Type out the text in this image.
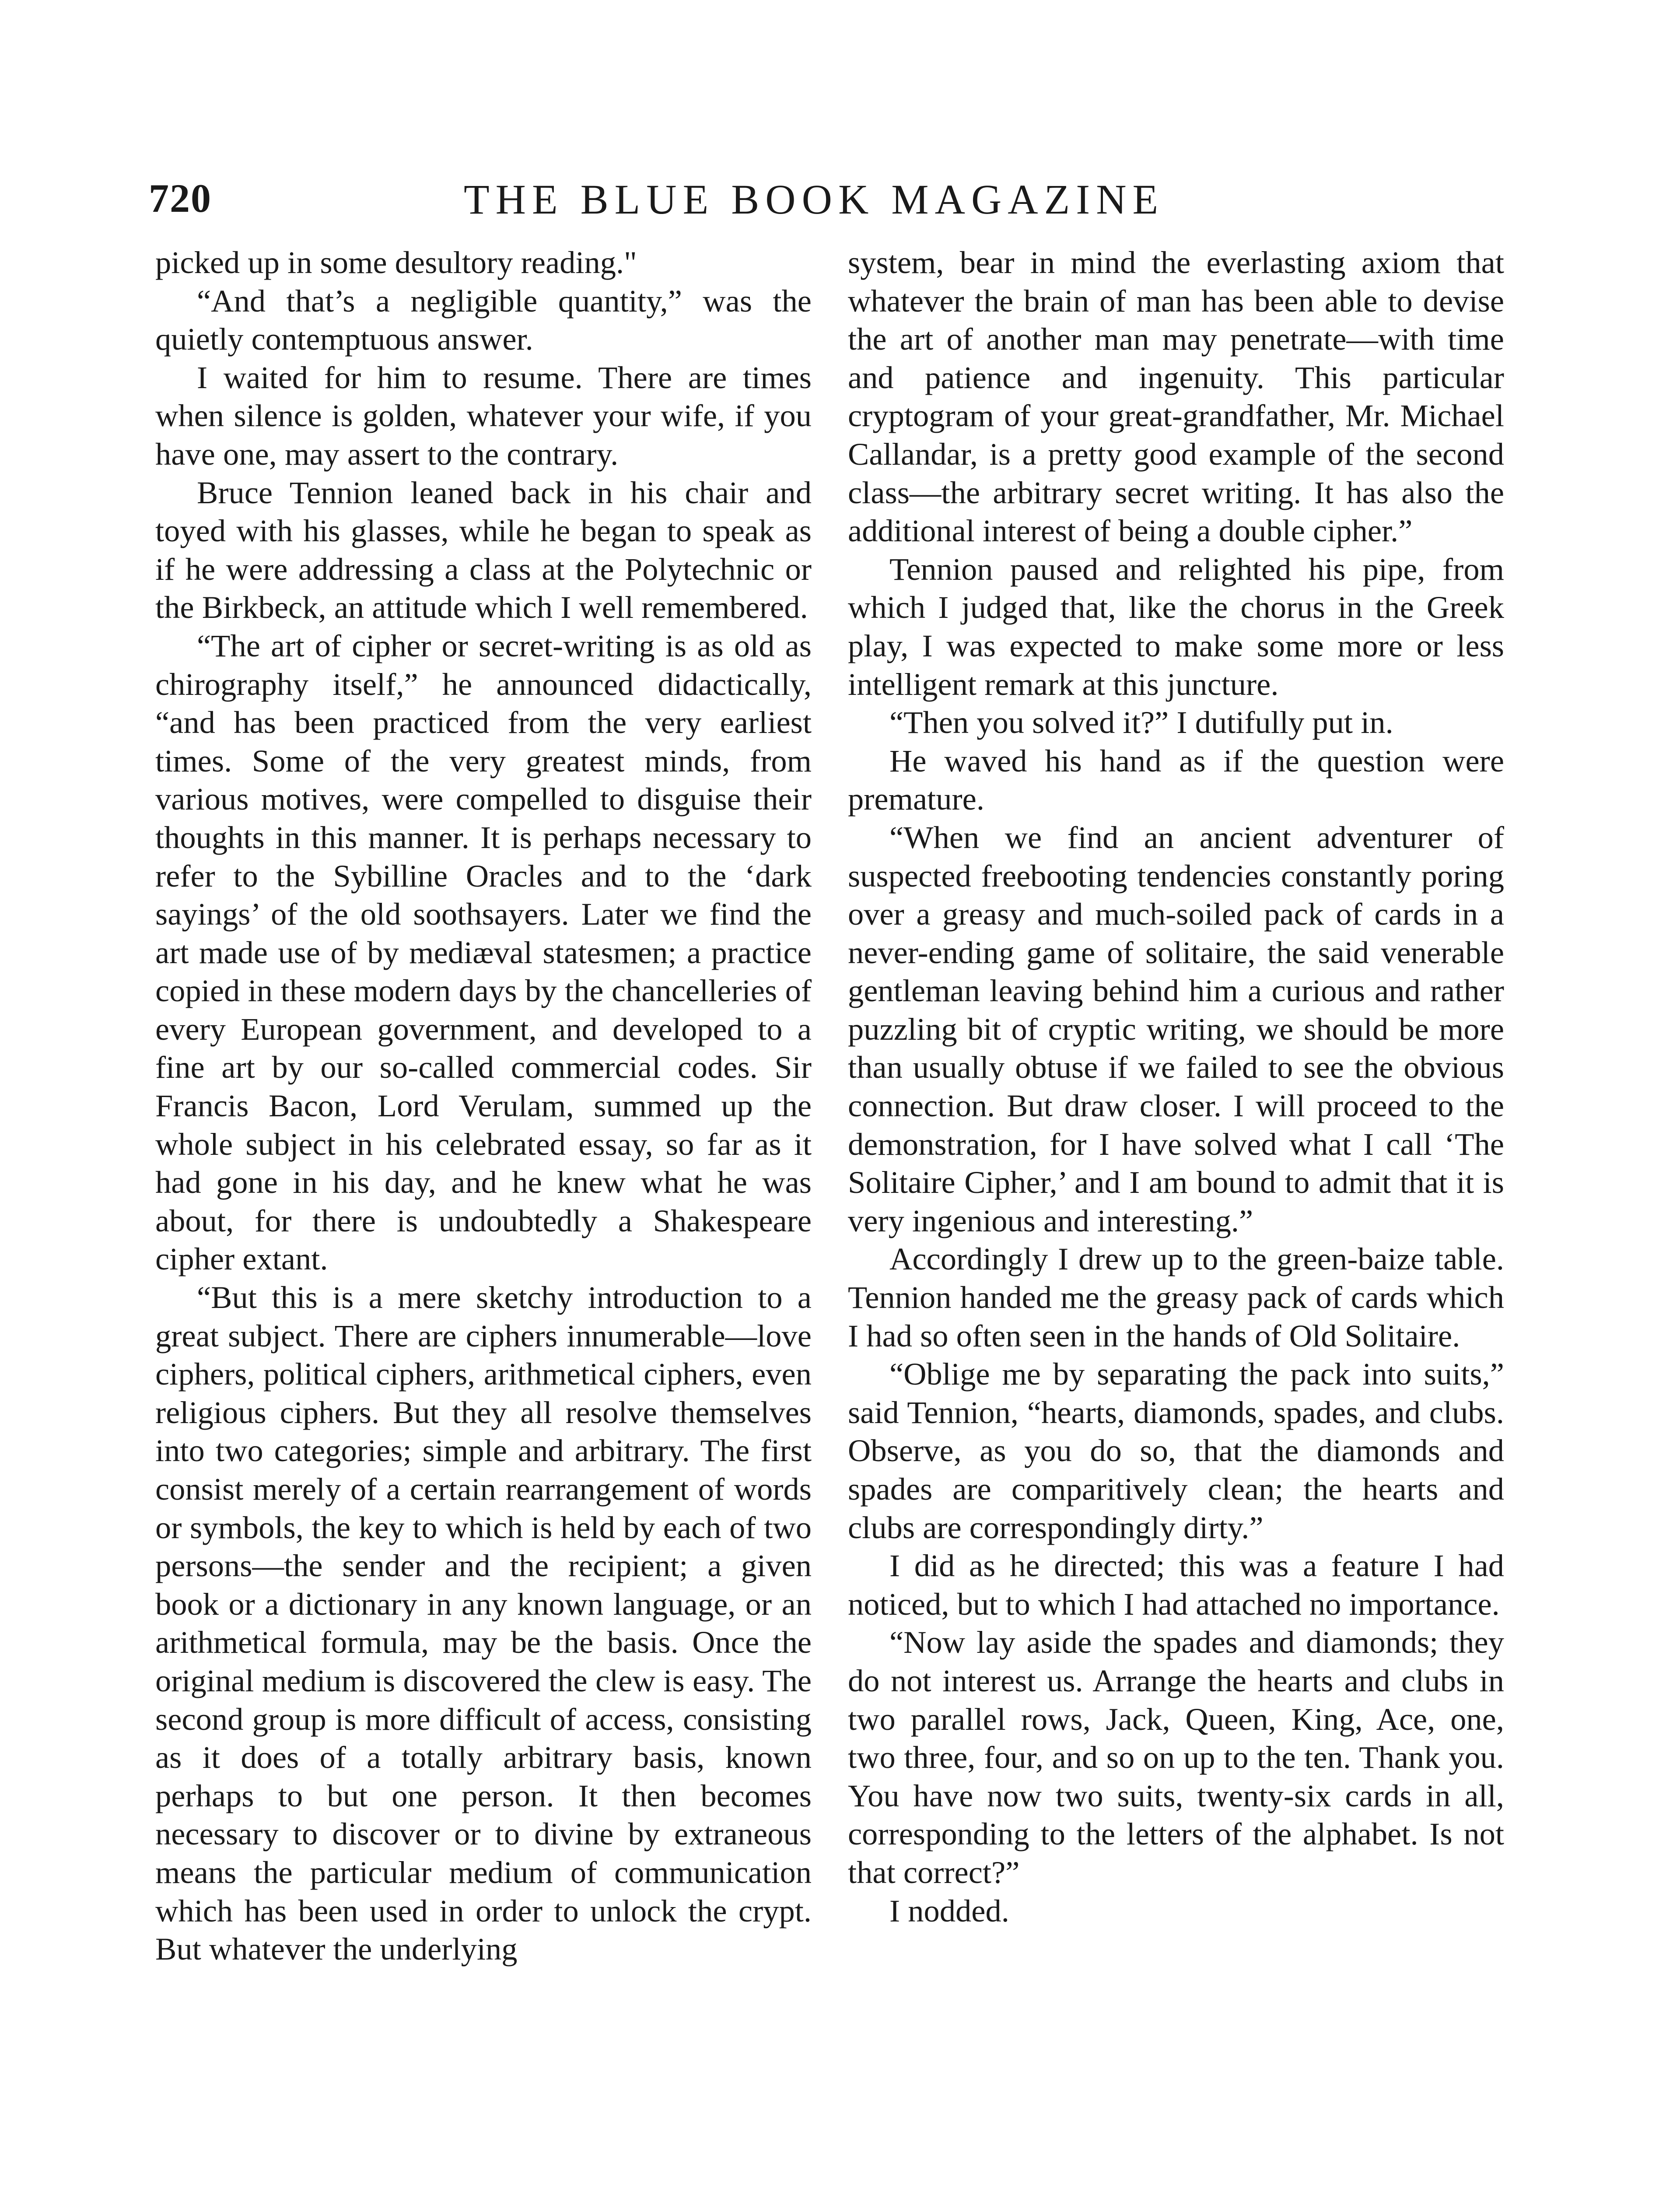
720	THE BLUE BOOK MAGAZINE

picked up in some desultory reading."

“And that’s a negligible quantity,” was the quietly contemptuous answer.

I waited for him to resume. There are times when silence is golden, whatever your wife, if you have one, may assert to the contrary.

Bruce Tennion leaned back in his chair and toyed with his glasses, while he began to speak as if he were addressing a class at the Polytechnic or the Birkbeck, an attitude which I well remembered.

“The art of cipher or secret-writing is as old as chirography itself,” he announced didactically, “and has been practiced from the very earliest times. Some of the very greatest minds, from various motives, were compelled to disguise their thoughts in this manner. It is perhaps necessary to refer to the Sybilline Oracles and to the ‘dark sayings’ of the old soothsayers. Later we find the art made use of by mediæval statesmen; a practice copied in these modern days by the chancelleries of every European government, and developed to a fine art by our so-called commercial codes. Sir Francis Bacon, Lord Verulam, summed up the whole subject in his celebrated essay, so far as it had gone in his day, and he knew what he was about, for there is undoubtedly a Shakespeare cipher extant.

“But this is a mere sketchy introduction to a great subject. There are ciphers innumerable—love ciphers, political ciphers, arithmetical ciphers, even religious ciphers. But they all resolve themselves into two categories; simple and arbitrary. The first consist merely of a certain rearrangement of words or symbols, the key to which is held by each of two persons—the sender and the recipient; a given book or a dictionary in any known language, or an arithmetical formula, may be the basis. Once the original medium is discovered the clew is easy. The second group is more difficult of access, consisting as it does of a totally arbitrary basis, known perhaps to but one person. It then becomes necessary to discover or to divine by extraneous means the particular medium of communication which has been used in order to unlock the crypt. But whatever the underlying

system, bear in mind the everlasting axiom that whatever the brain of man has been able to devise the art of another man may penetrate—with time and patience and ingenuity. This particular cryptogram of your great-grandfather, Mr. Michael Callandar, is a pretty good example of the second class—the arbitrary secret writing. It has also the additional interest of being a double cipher.”

Tennion paused and relighted his pipe, from which I judged that, like the chorus in the Greek play, I was expected to make some more or less intelligent remark at this juncture.

“Then you solved it?” I dutifully put in.

He waved his hand as if the question were premature.

“When we find an ancient adventurer of suspected freebooting tendencies constantly poring over a greasy and much-soiled pack of cards in a never-ending game of solitaire, the said venerable gentleman leaving behind him a curious and rather puzzling bit of cryptic writing, we should be more than usually obtuse if we failed to see the obvious connection. But draw closer. I will proceed to the demonstration, for I have solved what I call ‘The Solitaire Cipher,’ and I am bound to admit that it is very ingenious and interesting.”

Accordingly I drew up to the green-baize table. Tennion handed me the greasy pack of cards which I had so often seen in the hands of Old Solitaire.

“Oblige me by separating the pack into suits,” said Tennion, “hearts, diamonds, spades, and clubs. Observe, as you do so, that the diamonds and spades are comparitively clean; the hearts and clubs are correspondingly dirty.”

I did as he directed; this was a feature I had noticed, but to which I had attached no importance.

“Now lay aside the spades and diamonds; they do not interest us. Arrange the hearts and clubs in two parallel rows, Jack, Queen, King, Ace, one, two three, four, and so on up to the ten. Thank you. You have now two suits, twenty-six cards in all, corresponding to the letters of the alphabet. Is not that correct?”

I nodded.
